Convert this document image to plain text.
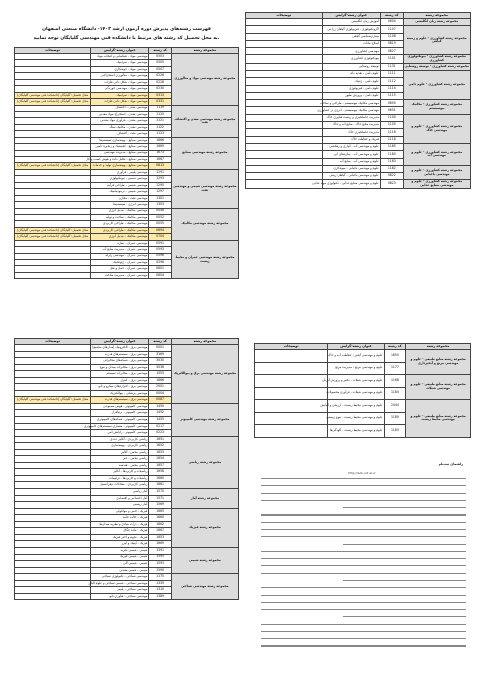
فهرست رشته‌های پذیرش دوره آزمون ارشد ۱۴۰۳- دانشگاه صنعتی اصفهان
به محل تحصیل کد رشته های مرتبط با دانشکده فنی مهندسی گلپایگان توجه نمایید.
توضیحات	عنوان رشته-گرایش	کد رشته	مجموعه رشته
	مهندسی مواد - شناسایی و انتخاب مواد	0503	مجموعه رشته مهندسی مواد و متالورژی
	مهندسی مواد - سرامیک	0505	
	مهندسی مواد - جوشکاری	0507	
	مهندسی مواد - متالورژی استخراجی	0226	
	مهندسی مواد - شکل دادن فلزات	0228	
	مهندسی مواد - مهندسی خوردگی	0230	
محل تحصیل: گلپایگان (دانشکده فنی مهندسی گلپایگان)	مهندسی مواد - سرامیک	0313	
محل تحصیل: گلپایگان (دانشکده فنی مهندسی گلپایگان)	مهندسی مواد - شکل دادن فلزات	0331	
	مهندسی معدن - اکتشاف	1119	مجموعه رشته مهندسی معدن و اکتشاف نفت
	مهندسی معدن - استخراج مواد معدنی	1120	
	مهندسی معدن - فرآوری مواد معدنی	1121	
	مهندسی معدن - مکانیک سنگ	1122	
	مهندسی نفت - اکتشاف	1123	
	مهندسی صنایع - بهینه‌سازی سیستم‌ها	1666	مجموعه رشته مهندسی صنایع
	مهندسی صنایع - لجستیک و زنجیره تامین	1669	
	مهندسی صنایع - مدیریت مهندسی	1673	
	مهندسی صنایع - تحلیل داده و هوش کسب و کار	1667	
محل تحصیل: گلپایگان (دانشکده فنی مهندسی گلپایگان)	مهندسی صنایع - بهینه‌سازی تولید و خدمات	0813	
	مهندسی پلیمر - فرآوری	1291	مجموعه رشته مهندسی شیمی و مهندسی نفت
	مهندسی شیمی - بیوتکنولوژی	1293	
	مهندسی شیمی - طراحی فرآیند	1295	
	مهندسی شیمی - ترمودینامیک	1297	
	مهندسی نفت - مخازن	1301	
	مهندسی انرژی - سیستم‌ها	1303	
	مهندسی مکانیک - تبدیل انرژی	0046	مجموعه رشته مهندسی مکانیک
	مهندسی مکانیک - ساخت و تولید	0052	
	مهندسی مکانیک - طراحی کاربردی	0055	
محل تحصیل: گلپایگان (دانشکده فنی مهندسی گلپایگان)	مهندسی مکانیک - طراحی کاربردی	0694	
محل تحصیل: گلپایگان (دانشکده فنی مهندسی گلپایگان)	مهندسی مکانیک - تبدیل انرژی	0704	
	مهندسی عمران - سازه	0591	مجموعه رشته مهندسی عمران و محیط زیست
	مهندسی عمران - مدیریت منابع آب	0593	
	مهندسی عمران - مهندسی زلزله	0596	
	مهندسی عمران - ژئوتکنیک	0598	
	مهندسی عمران - حمل و نقل	0601	
	مهندسی عمران - مدیریت ساخت	0604	
توضیحات	عنوان رشته-گرایش	کد رشته	مجموعه رشته
	آموزش زبان انگلیسی	0604	مجموعه رشته زبان انگلیسی
	اگروتکنولوژی - فیزیولوژی گیاهان زراعی	1107	مجموعه رشته کشاورزی - علوم و زمینه گیاهی
	بیماری‌شناسی گیاهی	1108	
	اصلاح نباتات	0819	
	مهندسی کشاورزی	0827	
	بیوتکنولوژی کشاورزی	1101	مجموعه رشته کشاورزی - بیوتکنولوژی کشاورزی
	توسعه روستایی	1131	مجموعه رشته کشاورزی - توسعه روستایی
	علوم دامی - تغذیه دام	1111	مجموعه رشته کشاورزی - علوم دامی
	علوم دامی - ژنتیک	1112	
	علوم دامی - فیزیولوژی	1114	
	علوم دامی - پرورش طیور	1115	
	مهندسی مکانیک بیوسیستم - طراحی و ساخت	0650	مجموعه رشته کشاورزی - مکانیک بیوسیستم
	مهندسی مکانیک بیوسیستم - انرژی در کشاورزی	0651	
	مدیریت حاصلخیزی و زیست فناوری خاک	1104	مجموعه رشته کشاورزی - علوم و مهندسی خاک
	مدیریت منابع خاک - منابع آب و خاک	1105	
	مدیریت حاصلخیزی خاک	1116	
	فیزیک و حفاظت خاک	1118	
	علوم و مهندسی آب - آبیاری و زهکشی	1165	مجموعه رشته کشاورزی - علوم و مهندسی آب
	علوم و مهندسی آب - سازه‌های آبی	1180	
	علوم و مهندسی آب - منابع آب	1183	
	علوم و مهندسی باغبانی - میوه‌کاری	1182	مجموعه رشته کشاورزی - علوم و مهندسی باغبانی
	علوم و مهندسی باغبانی - گیاهان زینتی	0822	
	علوم و مهندسی صنایع غذایی - تکنولوژی مواد غذایی	0823	مجموعه رشته کشاورزی - علوم و مهندسی صنایع غذایی
توضیحات	عنوان رشته-گرایش	کد رشته	مجموعه رشته
	مهندسی برق - الکترونیک (مدارهای مجتمع)	0001	مجموعه رشته مهندسی برق و بیوالکتریک
	مهندسی برق - سیستم‌های قدرت	3169	
	مهندسی برق - شبکه‌های مخابراتی	3030	
	مهندسی برق - مخابرات میدان و موج	3036	
	مهندسی برق - مخابرات سیستم	1555	
	مهندسی برق - کنترل	1666	
	مهندسی برق - افزاره‌های میکرو و نانو	2001	
	مهندسی پزشکی - بیوالکتریک	0004	
محل تحصیل: گلپایگان (دانشکده فنی مهندسی گلپایگان)	مهندسی برق - سیستم‌های قدرت	0087	
	مهندسی کامپیوتر - هوش مصنوعی	1450	مجموعه رشته مهندسی کامپیوتر
	مهندسی کامپیوتر - نرم‌افزار	1452	
	مهندسی کامپیوتر - شبکه‌های کامپیوتری	1455	
	مهندسی کامپیوتر - معماری سیستم‌های کامپیوتری	0217	
	مهندسی کامپیوتر - رایانش امن	0223	
	ریاضی کاربردی - آنالیز عددی	1651	مجموعه رشته ریاضی
	ریاضی کاربردی - بهینه‌سازی	1652	
	ریاضی محض - آنالیز	1653	
	ریاضی محض - جبر	1654	
	ریاضی محض - هندسه	1657	
	ریاضیات و کاربردها - آنالیز	1658	
	ریاضیات و کاربردها - ترکیبیات	1660	
	ریاضی کاربردی - معادلات دیفرانسیل	1661	
	آمار ریاضی	1570	مجموعه رشته آمار
	آمار اجتماعی و اقتصادی	1571	
	آمار زیستی	1569	
	فیزیک - اتمی و مولکولی	1665	مجموعه رشته فیزیک
	فیزیک - حالت جامد	1660	
	فیزیک - ذرات بنیادی و نظریه میدان‌ها	1662	
	فیزیک - ماده چگال	1667	
	فیزیک - نجوم و اختر فیزیک	1653	
	فیزیک - اپتیک و لیزر	1669	
	شیمی - شیمی تجزیه	1591	مجموعه رشته شیمی
	شیمی - شیمی فیزیک	1595	
	شیمی - شیمی آلی	1593	
	شیمی - شیمی معدنی	1590	
	مهندسی نساجی - تکنولوژی نساجی	1175	مجموعه رشته مهندسی نساجی
	مهندسی نساجی - شیمی نساجی و علوم الیاف	1339	
	مهندسی نساجی - پلیمر	1310	
	مهندسی نساجی - فناوری نانو	1389	
توضیحات	عنوان رشته-گرایش	کد رشته	مجموعه رشته
	علوم و مهندسی آبخیز - حفاظت آب و خاک	1650	مجموعه رشته منابع طبیعی - علوم و مهندسی مرتع و آبخیزداری
	علوم و مهندسی مرتع - مدیریت مرتع	1177	
	علوم و مهندسی شیلات - تکثیر و پرورش آبزیان	1168	مجموعه رشته منابع طبیعی - علوم و مهندسی شیلات
	علوم و مهندسی شیلات - فرآوری محصولات	1184	
	علوم و مهندسی محیط زیست - ارزیابی و آمایش	2444	مجموعه رشته منابع طبیعی - علوم و مهندسی محیط زیست
	علوم و مهندسی محیط زیست - تنوع زیستی	1189	
	علوم و مهندسی محیط زیست - آلودگی‌ها	1183	
راهنمای ثبت‌نام
http://edu.iut.ac.ir
